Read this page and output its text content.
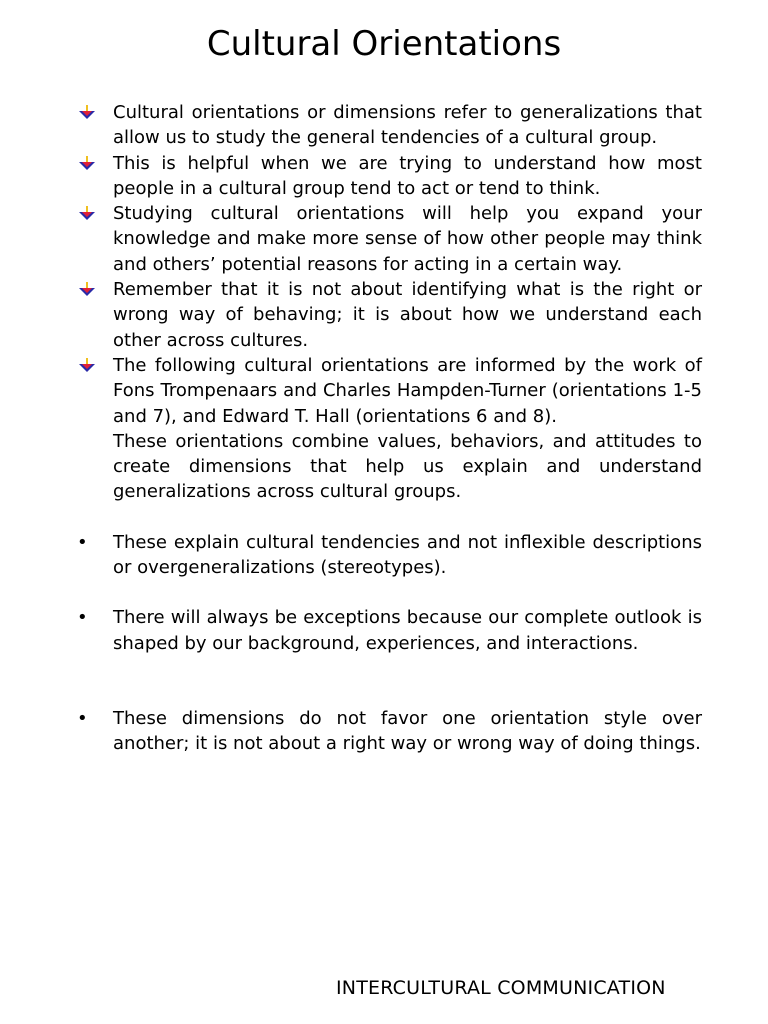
Cultural Orientations
Cultural orientations or dimensions refer to generalizations that allow us to study the general tendencies of a cultural group.
This is helpful when we are trying to understand how most people in a cultural group tend to act or tend to think.
Studying cultural orientations will help you expand your knowledge and make more sense of how other people may think and others’ potential reasons for acting in a certain way.
Remember that it is not about identifying what is the right or wrong way of behaving; it is about how we understand each other across cultures.
The following cultural orientations are informed by the work of Fons Trompenaars and Charles Hampden-Turner (orientations 1-5 and 7), and Edward T. Hall (orientations 6 and 8).
These orientations combine values, behaviors, and attitudes to create dimensions that help us explain and understand generalizations across cultural groups.
• These explain cultural tendencies and not inflexible descriptions or overgeneralizations (stereotypes).
• There will always be exceptions because our complete outlook is shaped by our background, experiences, and interactions.
• These dimensions do not favor one orientation style over another; it is not about a right way or wrong way of doing things.
INTERCULTURAL COMMUNICATION
